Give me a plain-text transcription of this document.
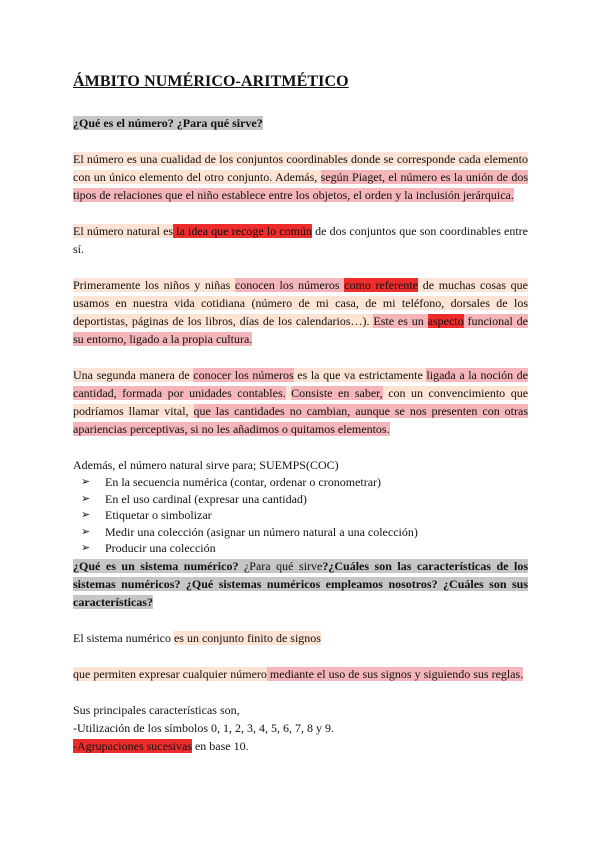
ÁMBITO NUMÉRICO-ARITMÉTICO

¿Qué es el número? ¿Para qué sirve?

El número es una cualidad de los conjuntos coordinables donde se corresponde cada elemento con un único elemento del otro conjunto. Además, según Piaget, el número es la unión de dos tipos de relaciones que el niño establece entre los objetos, el orden y la inclusión jerárquica.

El número natural es la idea que recoge lo común de dos conjuntos que son coordinables entre sí.

Primeramente los niños y niñas conocen los números como referente de muchas cosas que usamos en nuestra vida cotidiana (número de mi casa, de mi teléfono, dorsales de los deportistas, páginas de los libros, días de los calendarios…). Este es un aspecto funcional de su entorno, ligado a la propia cultura.

Una segunda manera de conocer los números es la que va estrictamente ligada a la noción de cantidad, formada por unidades contables. Consiste en saber, con un convencimiento que podríamos llamar vital, que las cantidades no cambian, aunque se nos presenten con otras apariencias perceptivas, si no les añadimos o quitamos elementos.

Además, el número natural sirve para; SUEMPS(COC)

➢	En la secuencia numérica (contar, ordenar o cronometrar)
➢	En el uso cardinal (expresar una cantidad)
➢	Etiquetar o simbolizar
➢	Medir una colección (asignar un número natural a una colección)
➢	Producir una colección

¿Qué es un sistema numérico? ¿Para qué sirve?¿Cuáles son las características de los sistemas numéricos? ¿Qué sistemas numéricos empleamos nosotros? ¿Cuáles son sus características?

El sistema numérico es un conjunto finito de signos

que permiten expresar cualquier número mediante el uso de sus signos y siguiendo sus reglas.

Sus principales características son,

-Utilización de los símbolos 0, 1, 2, 3, 4, 5, 6, 7, 8 y 9.

-Agrupaciones sucesivas en base 10.
